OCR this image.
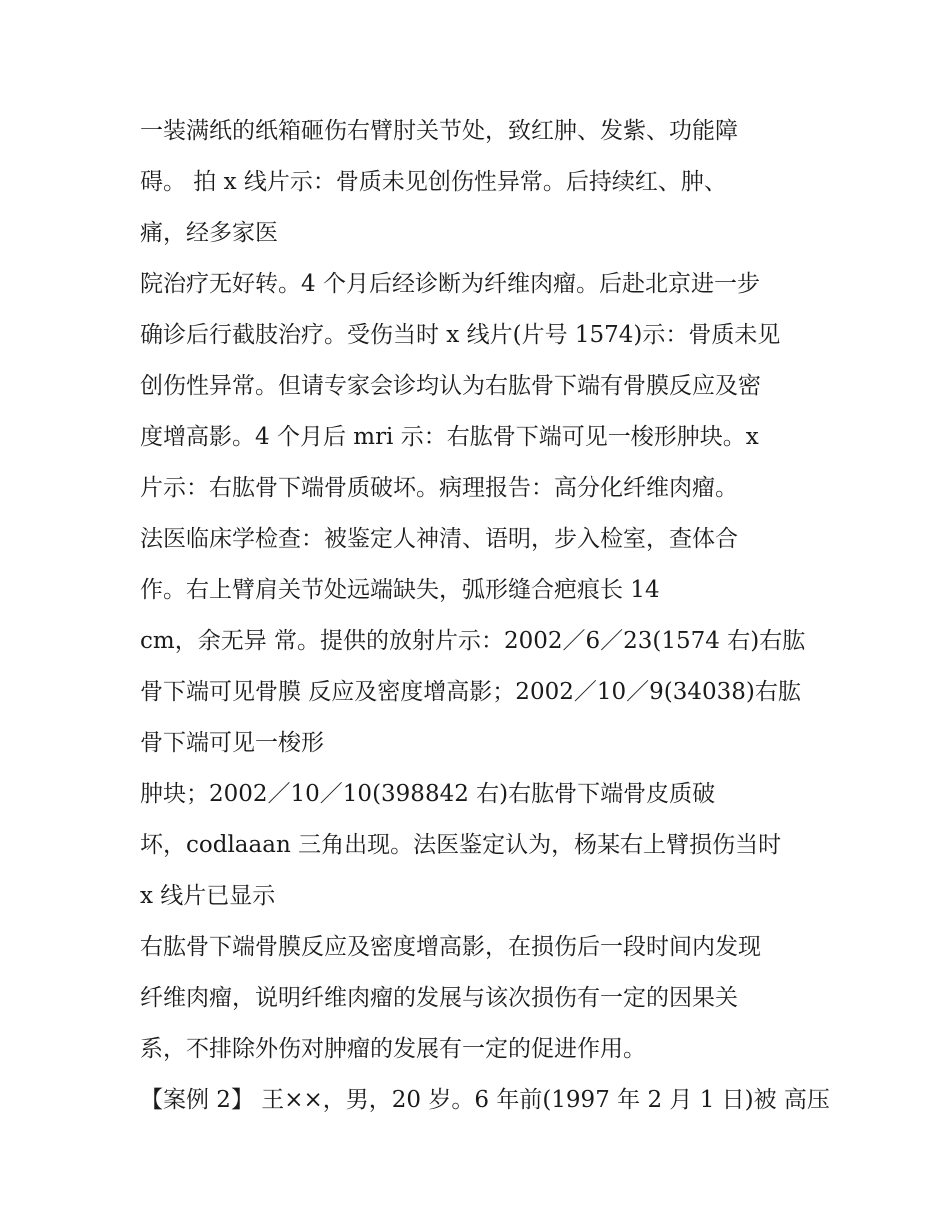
一装满纸的纸箱砸伤右臂肘关节处，致红肿、发紫、功能障
碍。 拍 x 线片示：骨质未见创伤性异常。后持续红、肿、
痛，经多家医
院治疗无好转。4 个月后经诊断为纤维肉瘤。后赴北京进一步
确诊后行截肢治疗。受伤当时 x 线片(片号 1574)示：骨质未见
创伤性异常。但请专家会诊均认为右肱骨下端有骨膜反应及密
度增高影。4 个月后 mri 示：右肱骨下端可见一梭形肿块。x
片示：右肱骨下端骨质破坏。病理报告：高分化纤维肉瘤。
法医临床学检查：被鉴定人神清、语明，步入检室，查体合
作。右上臂肩关节处远端缺失，弧形缝合疤痕长 14
cm，余无异 常。提供的放射片示：2002／6／23(1574 右)右肱
骨下端可见骨膜 反应及密度增高影；2002／10／9(34038)右肱
骨下端可见一梭形
肿块；2002／10／10(398842 右)右肱骨下端骨皮质破
坏，codlaaan 三角出现。法医鉴定认为，杨某右上臂损伤当时
x 线片已显示
右肱骨下端骨膜反应及密度增高影，在损伤后一段时间内发现
纤维肉瘤，说明纤维肉瘤的发展与该次损伤有一定的因果关
系，不排除外伤对肿瘤的发展有一定的促进作用。
【案例 2】 王××，男，20 岁。6 年前(1997 年 2 月 1 日)被 高压
